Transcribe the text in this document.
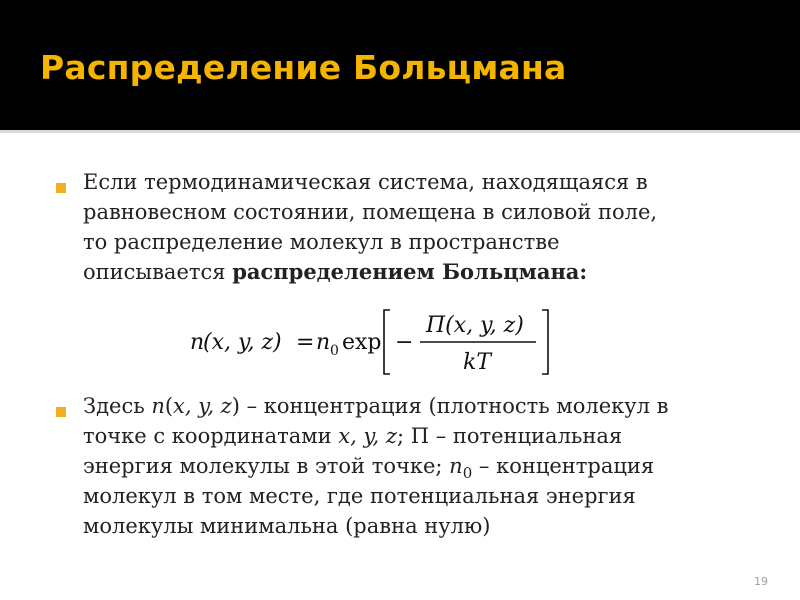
Распределение Больцмана
Если термодинамическая система, находящаяся в
равновесном состоянии, помещена в силовой поле,
то распределение молекул в пространстве
описывается распределением Больцмана:
n
(x, y, z) = n 0 exp −
Π(x, y, z)
kT
Здесь n(x, y, z) – концентрация (плотность молекул в
точке с координатами x, y, z; Π – потенциальная
энергия молекулы в этой точке; $n_0$ – концентрация
молекул в том месте, где потенциальная энергия
молекулы минимальна (равна нулю)
19
